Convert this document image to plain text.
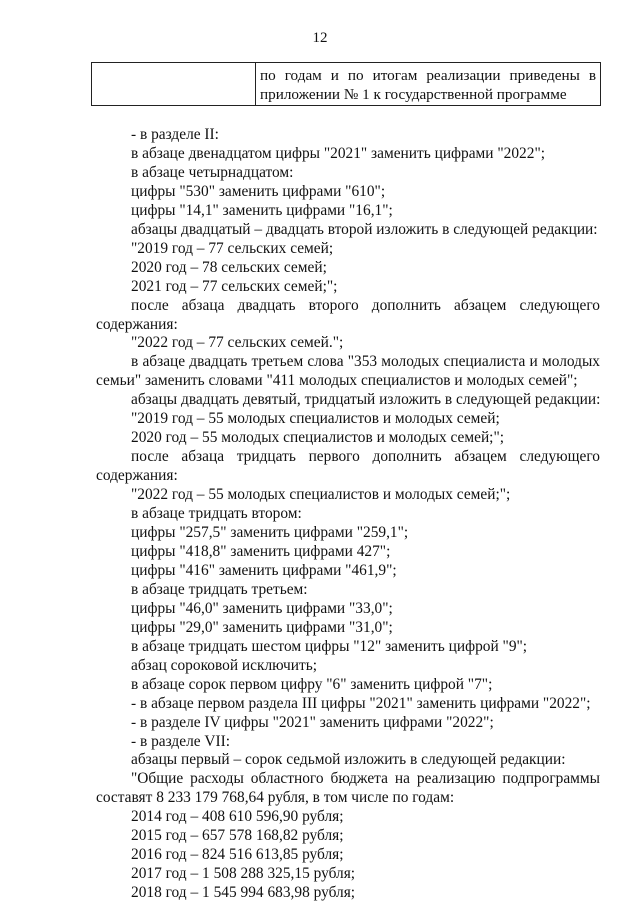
12
по годам и по итогам реализации приведены в
приложении № 1 к государственной программе
- в разделе II:
в абзаце двенадцатом цифры "2021" заменить цифрами "2022";
в абзаце четырнадцатом:
цифры "530" заменить цифрами "610";
цифры "14,1" заменить цифрами "16,1";
абзацы двадцатый – двадцать второй изложить в следующей редакции:
"2019 год – 77 сельских семей;
2020 год – 78 сельских семей;
2021 год – 77 сельских семей;";
после абзаца двадцать второго дополнить абзацем следующего
содержания:
"2022 год – 77 сельских семей.";
в абзаце двадцать третьем слова "353 молодых специалиста и молодых
семьи" заменить словами "411 молодых специалистов и молодых семей";
абзацы двадцать девятый, тридцатый изложить в следующей редакции:
"2019 год – 55 молодых специалистов и молодых семей;
2020 год – 55 молодых специалистов и молодых семей;";
после абзаца тридцать первого дополнить абзацем следующего
содержания:
"2022 год – 55 молодых специалистов и молодых семей;";
в абзаце тридцать втором:
цифры "257,5" заменить цифрами "259,1";
цифры "418,8" заменить цифрами 427";
цифры "416" заменить цифрами "461,9";
в абзаце тридцать третьем:
цифры "46,0" заменить цифрами "33,0";
цифры "29,0" заменить цифрами "31,0";
в абзаце тридцать шестом цифры "12" заменить цифрой "9";
абзац сороковой исключить;
в абзаце сорок первом цифру "6" заменить цифрой "7";
- в абзаце первом раздела III цифры "2021" заменить цифрами "2022";
- в разделе IV цифры "2021" заменить цифрами "2022";
- в разделе VII:
абзацы первый – сорок седьмой изложить в следующей редакции:
"Общие расходы областного бюджета на реализацию подпрограммы
составят 8 233 179 768,64 рубля, в том числе по годам:
2014 год – 408 610 596,90 рубля;
2015 год – 657 578 168,82 рубля;
2016 год – 824 516 613,85 рубля;
2017 год – 1 508 288 325,15 рубля;
2018 год – 1 545 994 683,98 рубля;
